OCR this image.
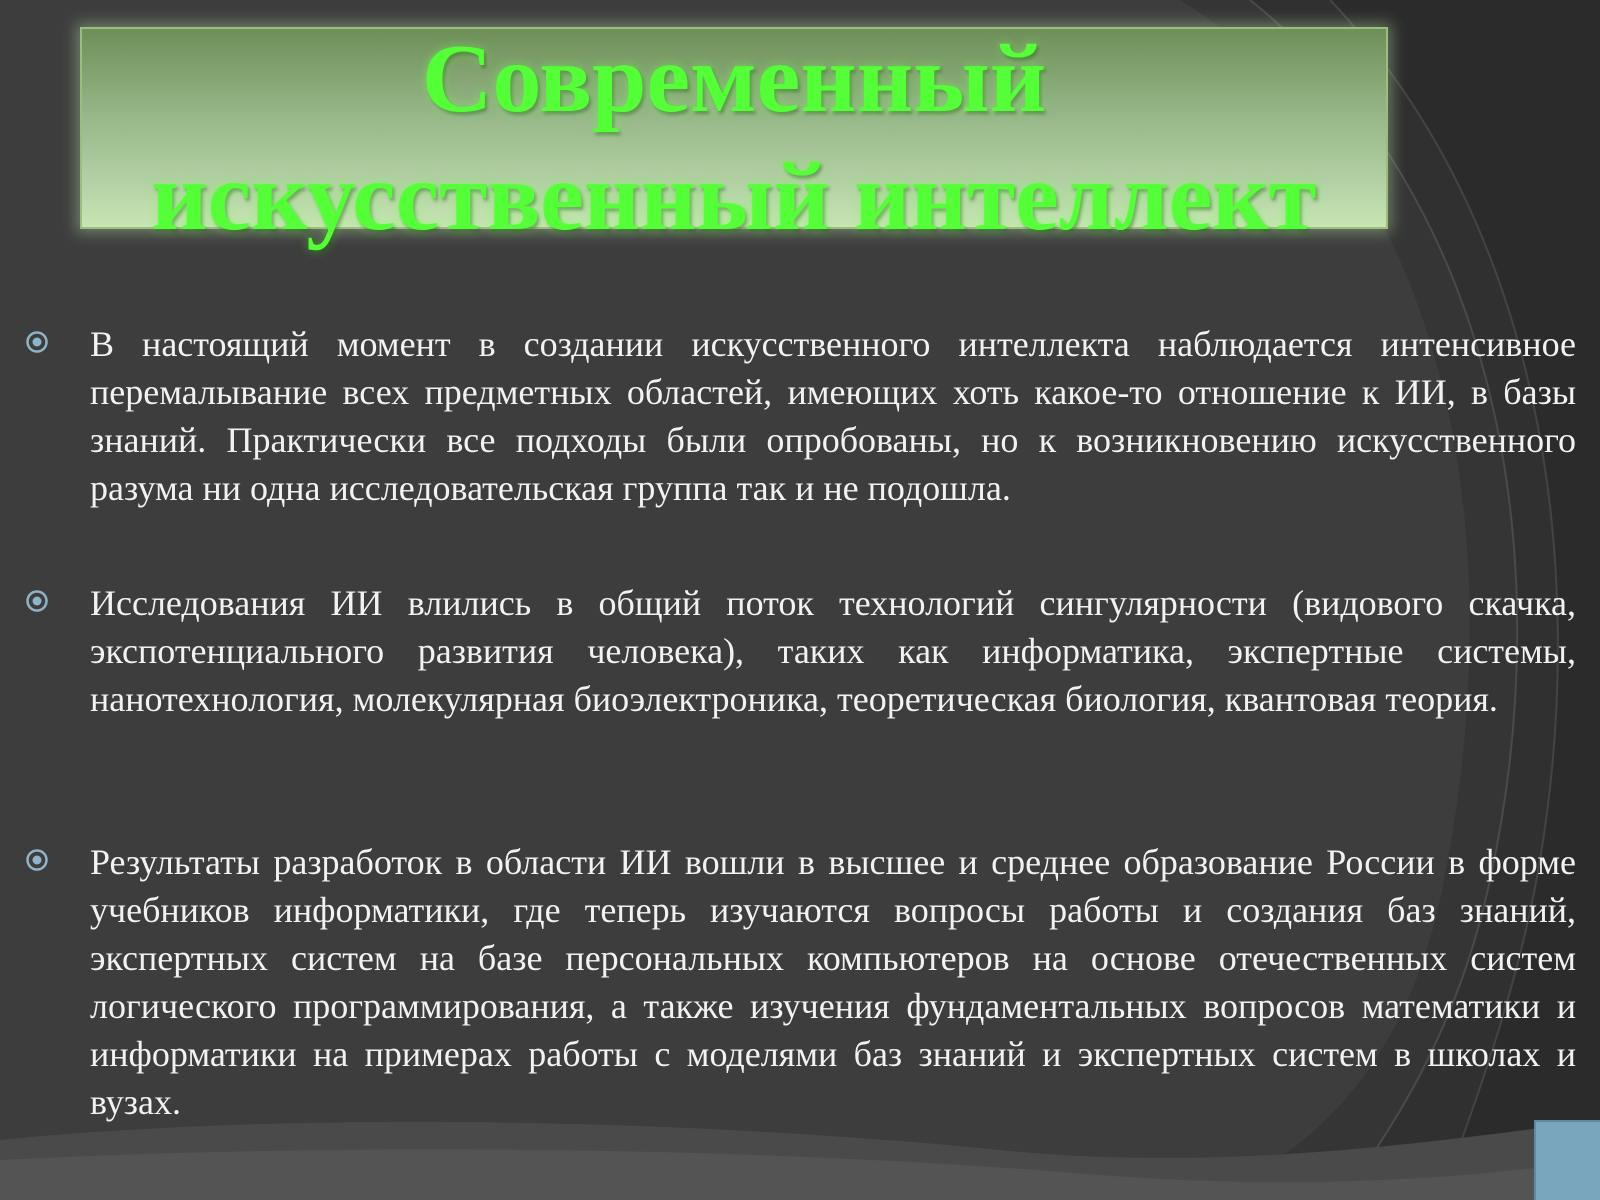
Современный искусственный интеллект

В настоящий момент в создании искусственного интеллекта наблюдается интенсивное перемалывание всех предметных областей, имеющих хоть какое-то отношение к ИИ, в базы знаний. Практически все подходы были опробованы, но к возникновению искусственного разума ни одна исследовательская группа так и не подошла.

Исследования ИИ влились в общий поток технологий сингулярности (видового скачка, экспотенциального развития человека), таких как информатика, экспертные системы, нанотехнология, молекулярная биоэлектроника, теоретическая биология, квантовая теория.

Результаты разработок в области ИИ вошли в высшее и среднее образование России в форме учебников информатики, где теперь изучаются вопросы работы и создания баз знаний, экспертных систем на базе персональных компьютеров на основе отечественных систем логического программирования, а также изучения фундаментальных вопросов математики и информатики на примерах работы с моделями баз знаний и экспертных систем в школах и вузах.
